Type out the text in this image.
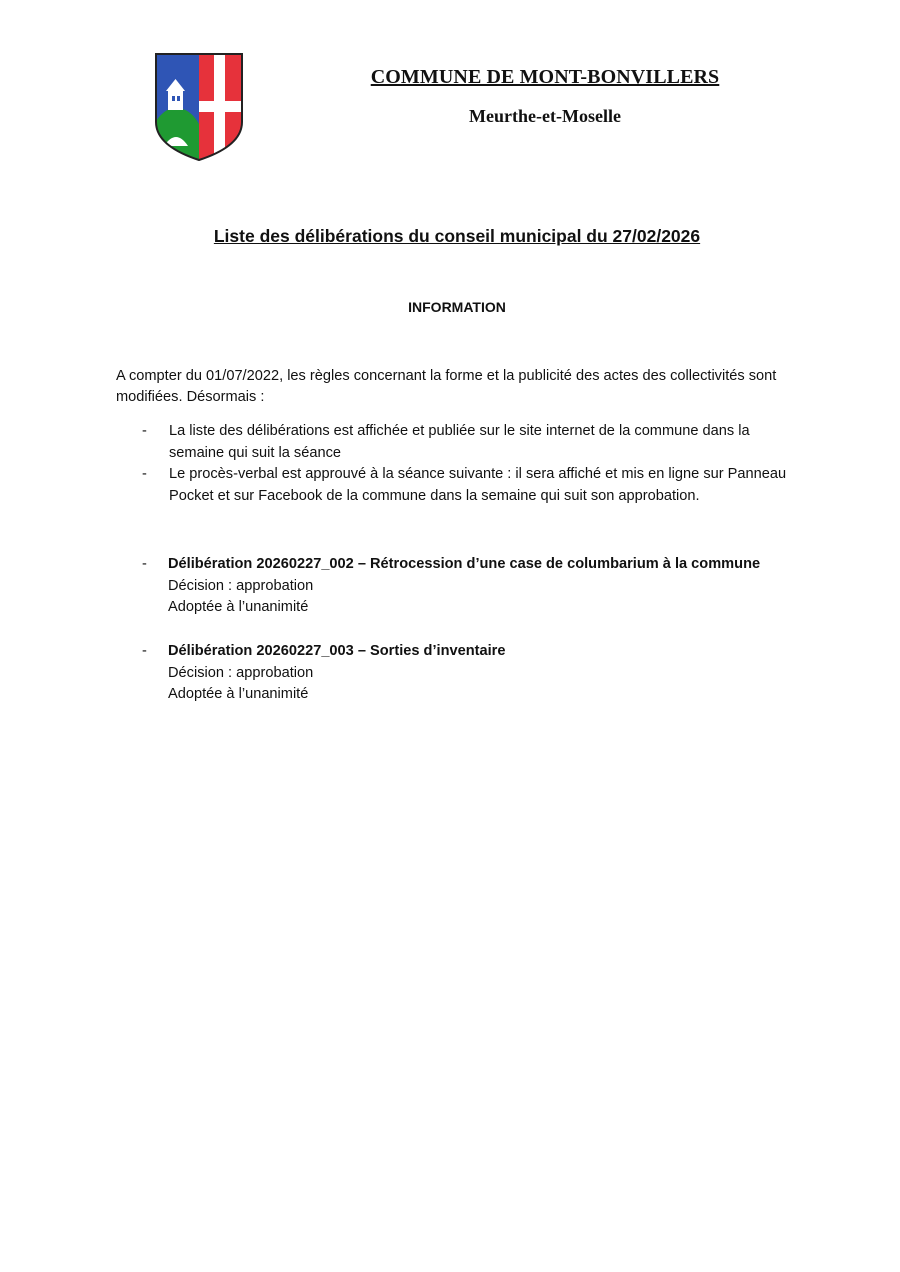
COMMUNE DE MONT-BONVILLERS
Meurthe-et-Moselle
Liste des délibérations du conseil municipal du 27/02/2026
INFORMATION

A compter du 01/07/2022, les règles concernant la forme et la publicité des actes des collectivités sont modifiées. Désormais :

- La liste des délibérations est affichée et publiée sur le site internet de la commune dans la semaine qui suit la séance
- Le procès-verbal est approuvé à la séance suivante : il sera affiché et mis en ligne sur Panneau Pocket et sur Facebook de la commune dans la semaine qui suit son approbation.
- Délibération 20260227_002 – Rétrocession d’une case de columbarium à la commune
Décision : approbation
Adoptée à l’unanimité
- Délibération 20260227_003 – Sorties d’inventaire
Décision : approbation
Adoptée à l’unanimité
